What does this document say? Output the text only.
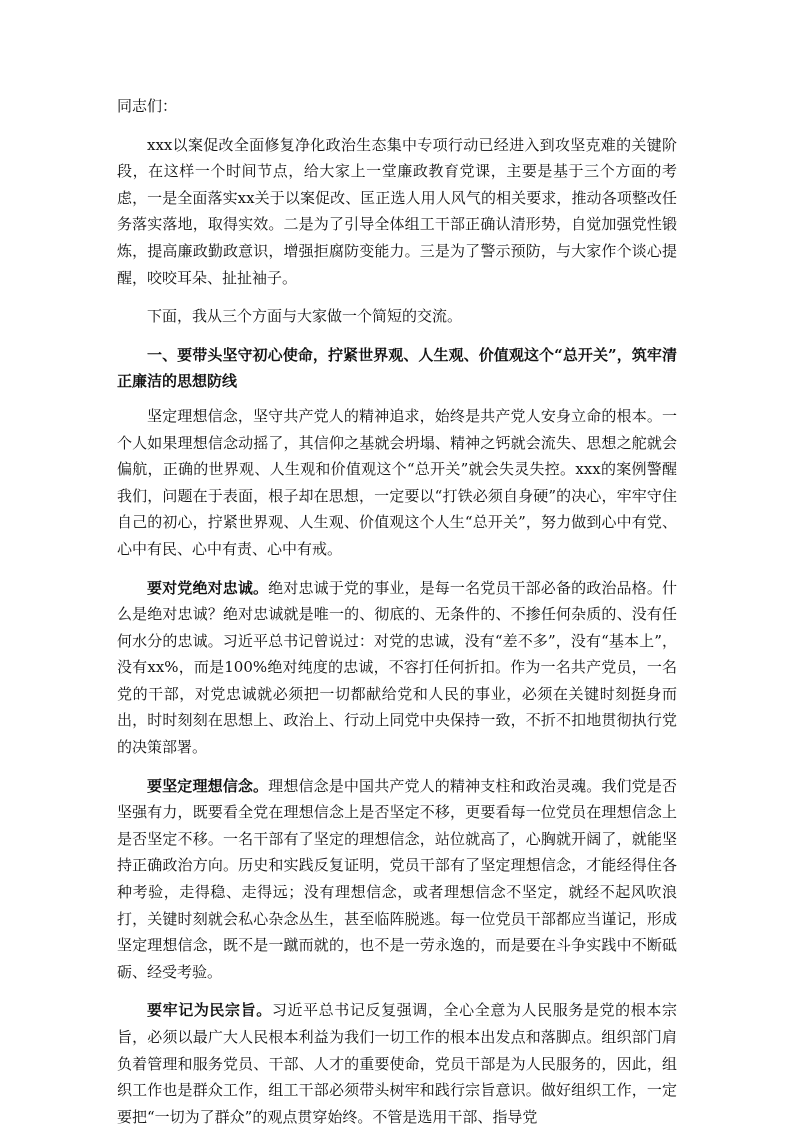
同志们：

xxx以案促改全面修复净化政治生态集中专项行动已经进入到攻坚克难的关键阶段，在这样一个时间节点，给大家上一堂廉政教育党课，主要是基于三个方面的考虑，一是全面落实xx关于以案促改、匡正选人用人风气的相关要求，推动各项整改任务落实落地，取得实效。二是为了引导全体组工干部正确认清形势，自觉加强党性锻炼，提高廉政勤政意识，增强拒腐防变能力。三是为了警示预防，与大家作个谈心提醒，咬咬耳朵、扯扯袖子。

下面，我从三个方面与大家做一个简短的交流。

一、要带头坚守初心使命，拧紧世界观、人生观、价值观这个“总开关”，筑牢清正廉洁的思想防线

坚定理想信念，坚守共产党人的精神追求，始终是共产党人安身立命的根本。一个人如果理想信念动摇了，其信仰之基就会坍塌、精神之钙就会流失、思想之舵就会偏航，正确的世界观、人生观和价值观这个“总开关”就会失灵失控。xxx的案例警醒我们，问题在于表面，根子却在思想，一定要以“打铁必须自身硬”的决心，牢牢守住自己的初心，拧紧世界观、人生观、价值观这个人生“总开关”，努力做到心中有党、心中有民、心中有责、心中有戒。

要对党绝对忠诚。绝对忠诚于党的事业，是每一名党员干部必备的政治品格。什么是绝对忠诚？绝对忠诚就是唯一的、彻底的、无条件的、不掺任何杂质的、没有任何水分的忠诚。习近平总书记曾说过：对党的忠诚，没有“差不多”，没有“基本上”，没有xx%，而是100%绝对纯度的忠诚，不容打任何折扣。作为一名共产党员，一名党的干部，对党忠诚就必须把一切都献给党和人民的事业，必须在关键时刻挺身而出，时时刻刻在思想上、政治上、行动上同党中央保持一致，不折不扣地贯彻执行党的决策部署。

要坚定理想信念。理想信念是中国共产党人的精神支柱和政治灵魂。我们党是否坚强有力，既要看全党在理想信念上是否坚定不移，更要看每一位党员在理想信念上是否坚定不移。一名干部有了坚定的理想信念，站位就高了，心胸就开阔了，就能坚持正确政治方向。历史和实践反复证明，党员干部有了坚定理想信念，才能经得住各种考验，走得稳、走得远；没有理想信念，或者理想信念不坚定，就经不起风吹浪打，关键时刻就会私心杂念丛生，甚至临阵脱逃。每一位党员干部都应当谨记，形成坚定理想信念，既不是一蹴而就的，也不是一劳永逸的，而是要在斗争实践中不断砥砺、经受考验。

要牢记为民宗旨。习近平总书记反复强调，全心全意为人民服务是党的根本宗旨，必须以最广大人民根本利益为我们一切工作的根本出发点和落脚点。组织部门肩负着管理和服务党员、干部、人才的重要使命，党员干部是为人民服务的，因此，组织工作也是群众工作，组工干部必须带头树牢和践行宗旨意识。做好组织工作，一定要把“一切为了群众”的观点贯穿始终。不管是选用干部、指导党
